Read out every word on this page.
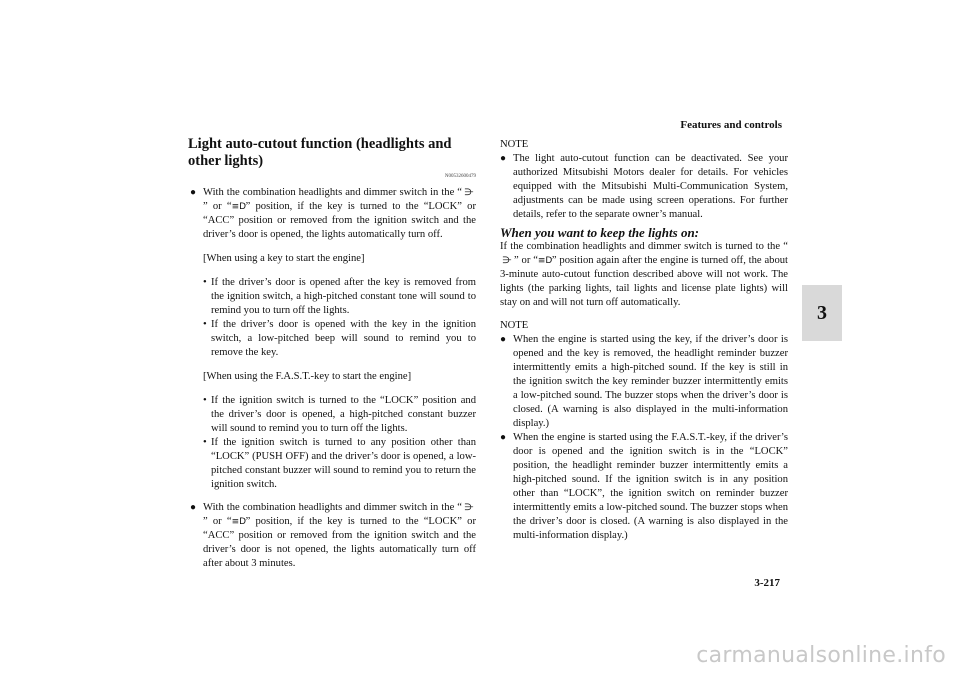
Features and controls
3
Light auto-cutout function (headlights and other lights)
N00532600479

● With the combination headlights and dimmer switch in the “ ⋺” or “≡D” position, if the key is turned to the “LOCK” or “ACC” position or removed from the ignition switch and the driver’s door is opened, the lights automatically turn off.

[When using a key to start the engine]

• If the driver’s door is opened after the key is removed from the ignition switch, a high-pitched constant tone will sound to remind you to turn off the lights.

• If the driver’s door is opened with the key in the ignition switch, a low-pitched beep will sound to remind you to remove the key.

[When using the F.A.S.T.-key to start the engine]

• If the ignition switch is turned to the “LOCK” position and the driver’s door is opened, a high-pitched constant buzzer will sound to remind you to turn off the lights.

• If the ignition switch is turned to any position other than “LOCK” (PUSH OFF) and the driver’s door is opened, a low-pitched constant buzzer will sound to remind you to return the ignition switch.

● With the combination headlights and dimmer switch in the “ ⋺” or “≡D” position, if the key is turned to the “LOCK” or “ACC” position or removed from the ignition switch and the driver’s door is not opened, the lights automatically turn off after about 3 minutes.

NOTE

● The light auto-cutout function can be deactivated. See your authorized Mitsubishi Motors dealer for details. For vehicles equipped with the Mitsubishi Multi-Communication System, adjustments can be made using screen operations. For further details, refer to the separate owner’s manual.

When you want to keep the lights on:

If the combination headlights and dimmer switch is turned to the “⋺ ” or “≡D” position again after the engine is turned off, the about 3-minute auto-cutout function described above will not work. The lights (the parking lights, tail lights and license plate lights) will stay on and will not turn off automatically.

NOTE

● When the engine is started using the key, if the driver’s door is opened and the key is removed, the headlight reminder buzzer intermittently emits a high-pitched sound. If the key is still in the ignition switch the key reminder buzzer intermittently emits a low-pitched sound. The buzzer stops when the driver’s door is closed. (A warning is also displayed in the multi-information display.)

● When the engine is started using the F.A.S.T.-key, if the driver’s door is opened and the ignition switch is in the “LOCK” position, the headlight reminder buzzer intermittently emits a high-pitched sound. If the ignition switch is in any position other than “LOCK”, the ignition switch on reminder buzzer intermittently emits a low-pitched sound. The buzzer stops when the driver’s door is closed. (A warning is also displayed in the multi-information display.)

3-217
carmanualsonline.info
